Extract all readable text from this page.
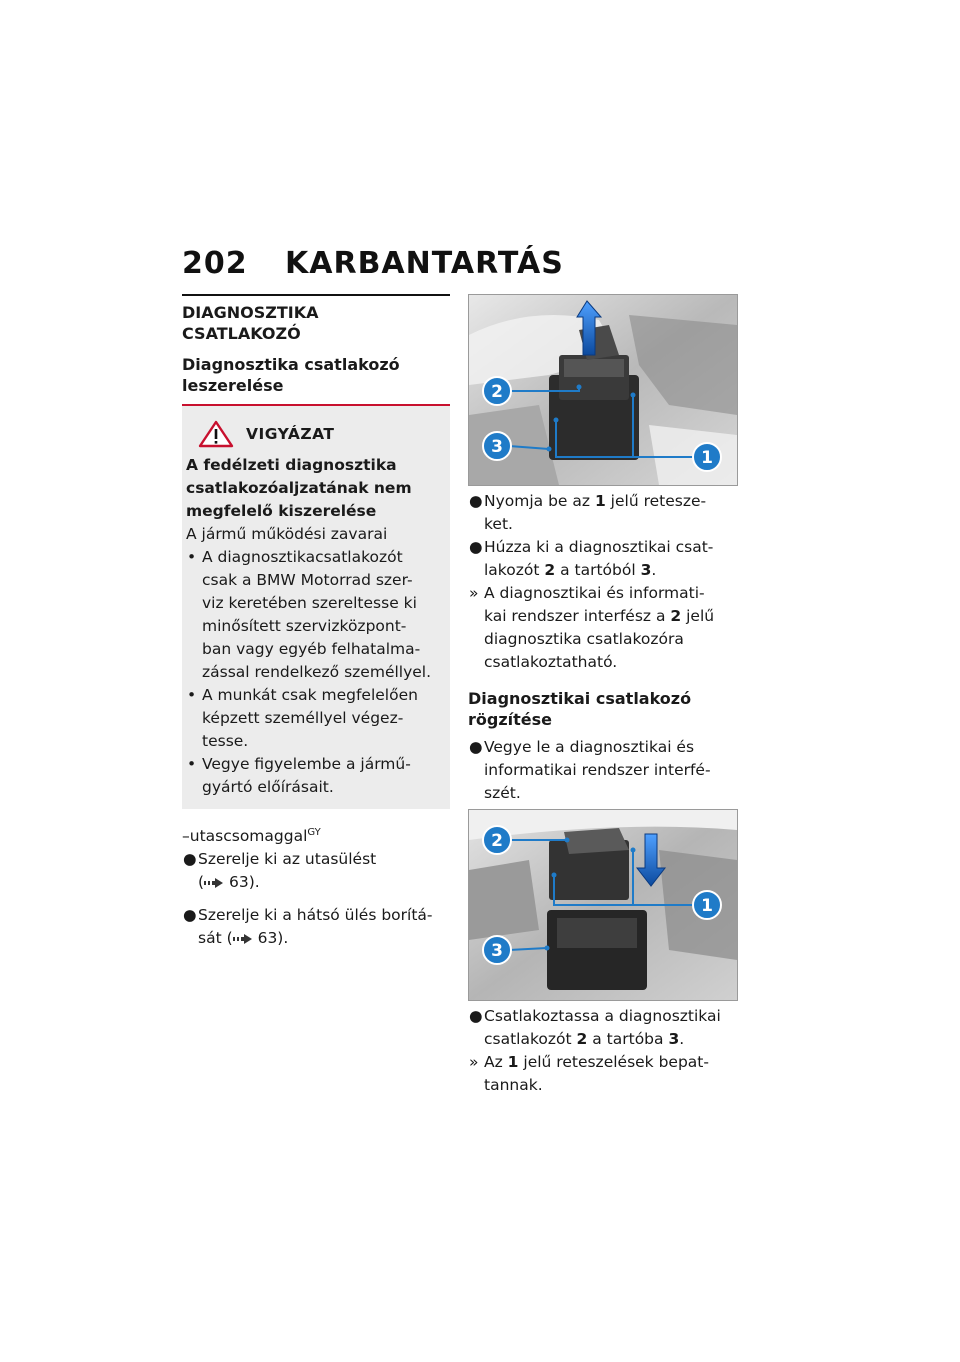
202 KARBANTARTÁS
DIAGNOSZTIKA
CSATLAKOZÓ
Diagnosztika csatlakozó
leszerelése
VIGYÁZAT

A fedélzeti diagnosztika
csatlakozóaljzatának nem
megfelelő kiszerelése

A jármű működési zavarai

• A diagnosztikacsatlakozót
csak a BMW Motorrad szer-
viz keretében szereltesse ki
minősített szervizközpont-
ban vagy egyéb felhatalma-
zással rendelkező személlyel.

• A munkát csak megfelelően
képzett személlyel végez-
tesse.

• Vegye figyelembe a jármű-
gyártó előírásait.

–utascsomaggal$^{GY}$

● Szerelje ki az utasülést
( 63).

● Szerelje ki a hátsó ülés borítá-
sát ( 63).

2
3
1

● Nyomja be az 1 jelű retesze-
ket.

● Húzza ki a diagnosztikai csat-
lakozót 2 a tartóból 3.

» A diagnosztikai és informati-
kai rendszer interfész a 2 jelű
diagnosztika csatlakozóra
csatlakoztatható.

Diagnosztikai csatlakozó
rögzítése

● Vegye le a diagnosztikai és
informatikai rendszer interfé-
szét.

2
1
3

● Csatlakoztassa a diagnosztikai
csatlakozót 2 a tartóba 3.

» Az 1 jelű reteszelések bepat-
tannak.
